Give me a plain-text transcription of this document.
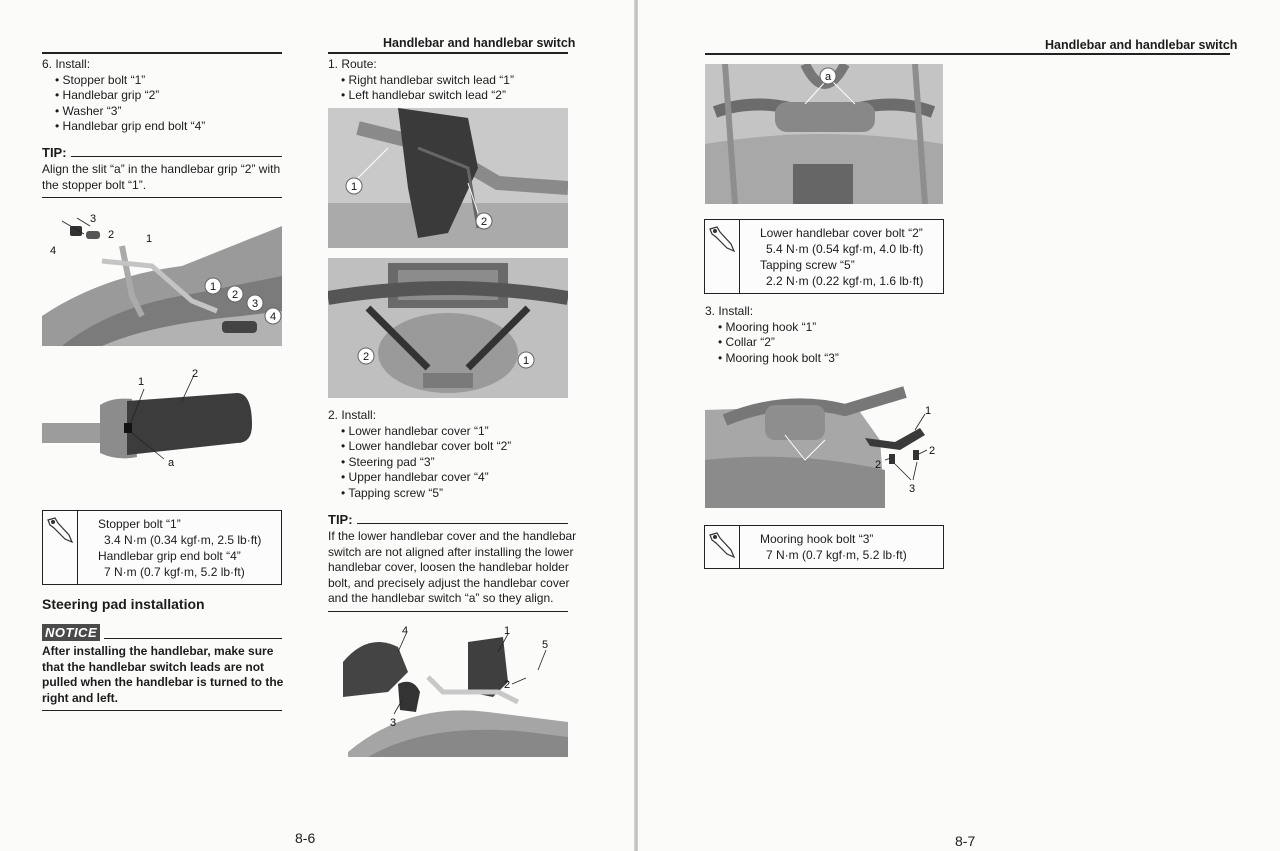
Handlebar and handlebar switch
6. Install:
• Stopper bolt “1”
• Handlebar grip “2”
• Washer “3”
• Handlebar grip end bolt “4”
TIP:
Align the slit “a” in the handlebar grip “2” with
the stopper bolt “1”.
3
2	1
4
1
2
3
4
1
2
a
Stopper bolt “1”
3.4 N·m (0.34 kgf·m, 2.5 lb·ft)
Handlebar grip end bolt “4”
7 N·m (0.7 kgf·m, 5.2 lb·ft)
Steering pad installation
NOTICE
After installing the handlebar, make sure
that the handlebar switch leads are not
pulled when the handlebar is turned to the
right and left.
1. Route:
• Right handlebar switch lead “1”
• Left handlebar switch lead “2”
1
2
2	1
2. Install:
• Lower handlebar cover “1”
• Lower handlebar cover bolt “2”
• Steering pad “3”
• Upper handlebar cover “4”
• Tapping screw “5”
TIP:
If the lower handlebar cover and the handlebar
switch are not aligned after installing the lower
handlebar cover, loosen the handlebar holder
bolt, and precisely adjust the handlebar cover
and the handlebar switch “a” so they align.
4	1
5
2
3
8-6
Handlebar and handlebar switch
a
Lower handlebar cover bolt “2”
5.4 N·m (0.54 kgf·m, 4.0 lb·ft)
Tapping screw “5”
2.2 N·m (0.22 kgf·m, 1.6 lb·ft)
3. Install:
• Mooring hook “1”
• Collar “2”
• Mooring hook bolt “3”
1
2
2
3
Mooring hook bolt “3”
7 N·m (0.7 kgf·m, 5.2 lb·ft)
8-7
